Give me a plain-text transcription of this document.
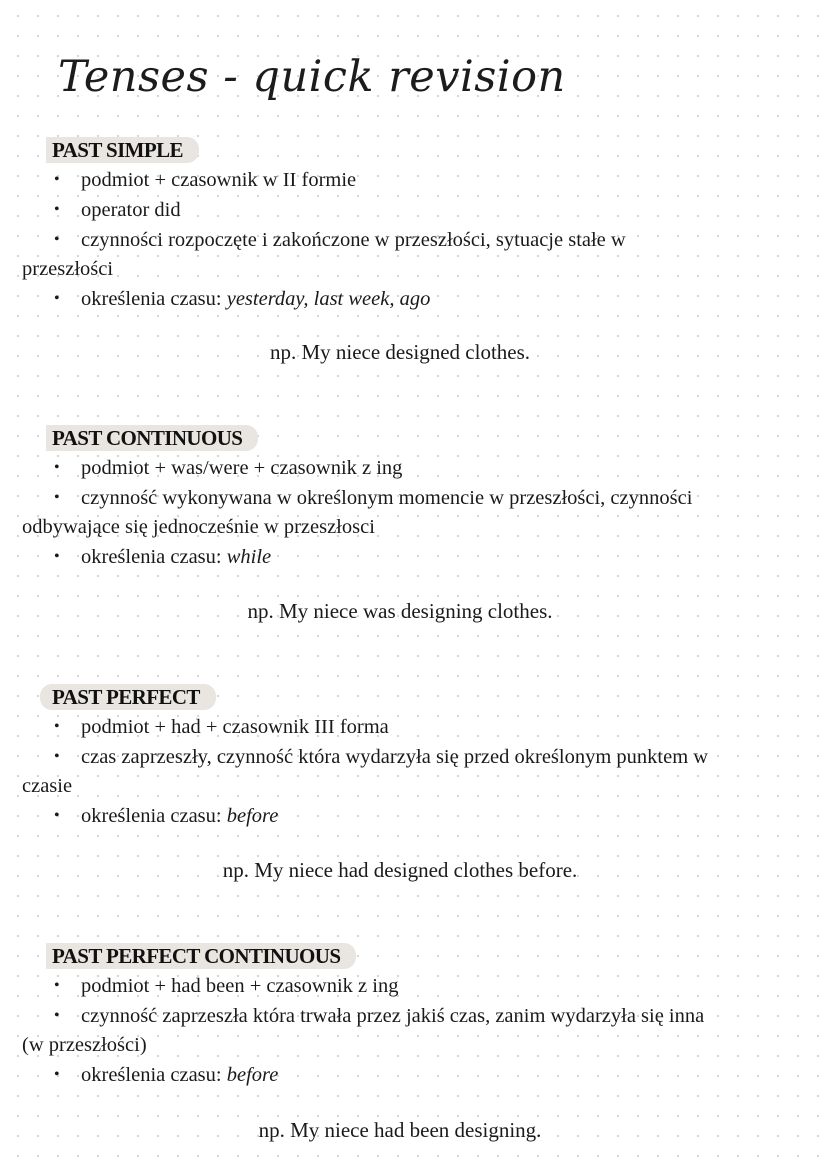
Tenses - quick revision
PAST SIMPLE
• podmiot + czasownik w II formie
• operator did
• czynności rozpoczęte i zakończone w przeszłości, sytuacje stałe w
przeszłości
• określenia czasu: yesterday, last week, ago
np. My niece designed clothes.
PAST CONTINUOUS
• podmiot + was/were + czasownik z ing
• czynność wykonywana w określonym momencie w przeszłości, czynności
odbywające się jednocześnie w przeszłosci
• określenia czasu: while
np. My niece was designing clothes.
PAST PERFECT
• podmiot + had + czasownik III forma
• czas zaprzeszły, czynność która wydarzyła się przed określonym punktem w
czasie
• określenia czasu: before
np. My niece had designed clothes before.
PAST PERFECT CONTINUOUS
• podmiot + had been + czasownik z ing
• czynność zaprzeszła która trwała przez jakiś czas, zanim wydarzyła się inna
(w przeszłości)
• określenia czasu: before
np. My niece had been designing.
